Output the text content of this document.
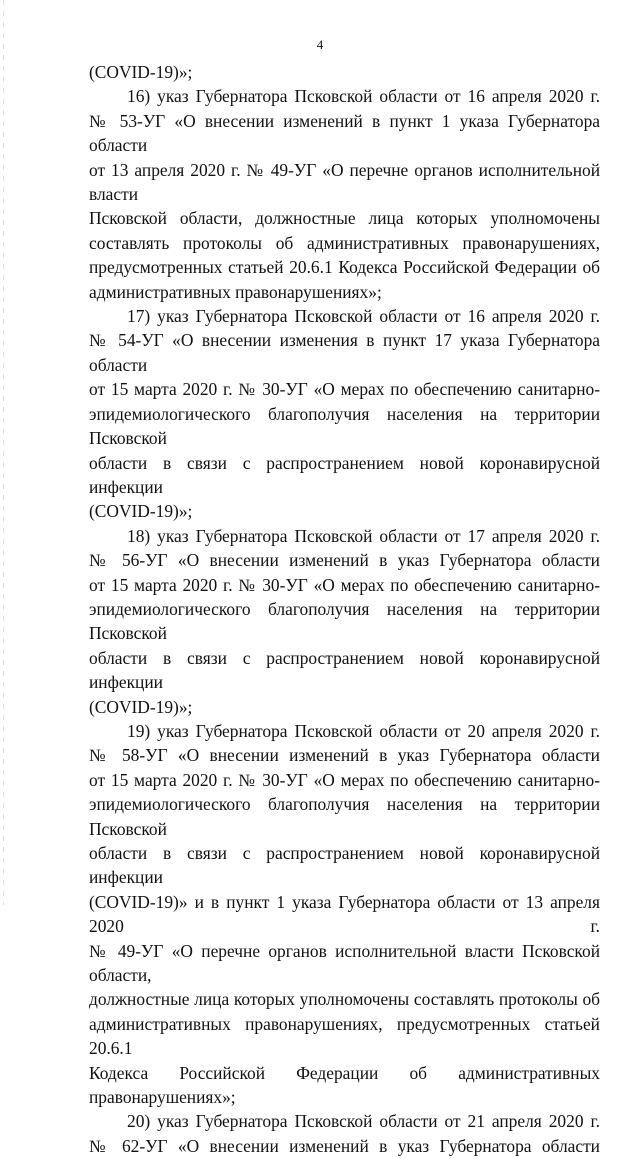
4

(COVID-19)»;

16) указ Губернатора Псковской области от 16 апреля 2020 г.

№ 53-УГ «О внесении изменений в пункт 1 указа Губернатора области

от 13 апреля 2020 г. № 49-УГ «О перечне органов исполнительной власти

Псковской области, должностные лица которых уполномочены

составлять протоколы об административных правонарушениях,

предусмотренных статьей 20.6.1 Кодекса Российской Федерации об

административных правонарушениях»;

17) указ Губернатора Псковской области от 16 апреля 2020 г.

№ 54-УГ «О внесении изменения в пункт 17 указа Губернатора области

от 15 марта 2020 г. № 30-УГ «О мерах по обеспечению санитарно-

эпидемиологического благополучия населения на территории Псковской

области в связи с распространением новой коронавирусной инфекции

(COVID-19)»;

18) указ Губернатора Псковской области от 17 апреля 2020 г.

№ 56-УГ «О внесении изменений в указ Губернатора области

от 15 марта 2020 г. № 30-УГ «О мерах по обеспечению санитарно-

эпидемиологического благополучия населения на территории Псковской

области в связи с распространением новой коронавирусной инфекции

(COVID-19)»;

19) указ Губернатора Псковской области от 20 апреля 2020 г.

№ 58-УГ «О внесении изменений в указ Губернатора области

от 15 марта 2020 г. № 30-УГ «О мерах по обеспечению санитарно-

эпидемиологического благополучия населения на территории Псковской

области в связи с распространением новой коронавирусной инфекции

(COVID-19)» и в пункт 1 указа Губернатора области от 13 апреля 2020 г.

№ 49-УГ «О перечне органов исполнительной власти Псковской области,

должностные лица которых уполномочены составлять протоколы об

административных правонарушениях, предусмотренных статьей 20.6.1

Кодекса Российской Федерации об административных

правонарушениях»;

20) указ Губернатора Псковской области от 21 апреля 2020 г.

№ 62-УГ «О внесении изменений в указ Губернатора области
